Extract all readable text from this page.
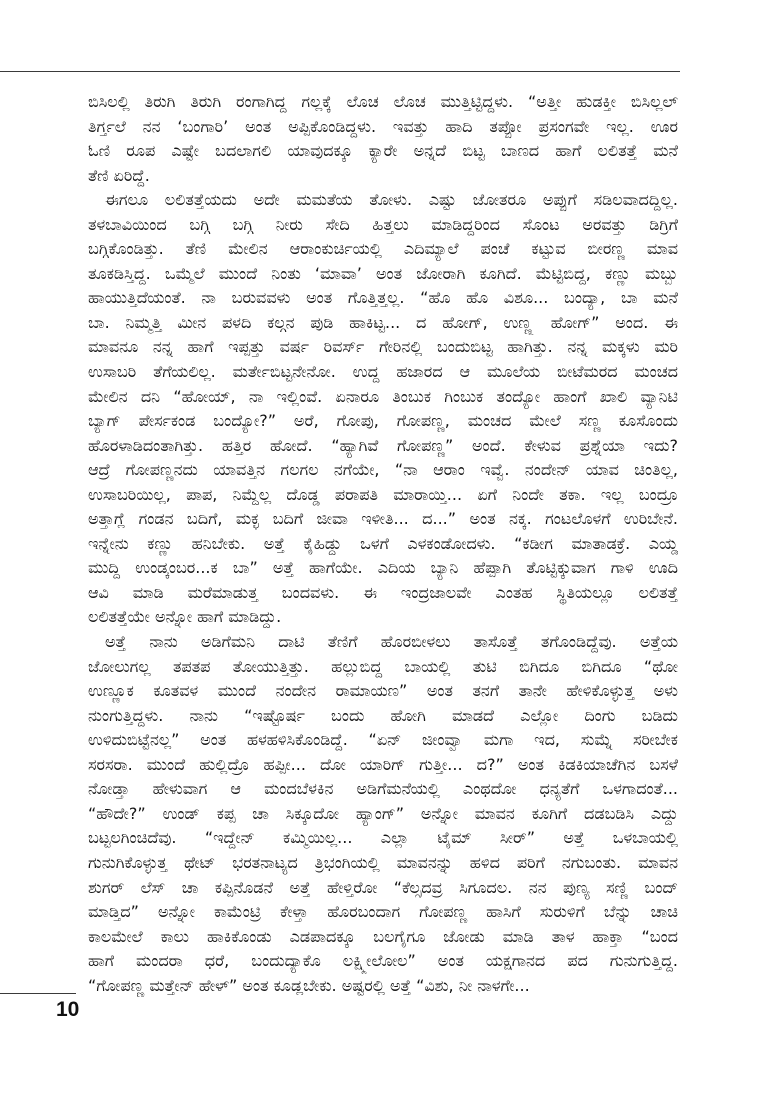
ಬಿಸಿಲಲ್ಲಿ ತಿರುಗಿ ತಿರುಗಿ ರಂಗಾಗಿದ್ದ ಗಲ್ಲಕ್ಕೆ ಲೊಚ ಲೊಚ ಮುತ್ತಿಟ್ಟಿದ್ದಳು. “ಅತ್ತೀ ಹುಡಕ್ತೀ ಬಿಸಿಲ್ಲಲ್
ತಿರ್ಗ್ತಲೆ ನನ ‘ಬಂಗಾರಿ’ ಅಂತ ಅಪ್ಪಿಕೊಂಡಿದ್ದಳು. ಇವತ್ತು ಹಾದಿ ತಪ್ಪೋ ಪ್ರಸಂಗವೇ ಇಲ್ಲ. ಊರ
ಓಣಿ ರೂಪ ಎಷ್ಟೇ ಬದಲಾಗಲಿ ಯಾವುದಕ್ಕೂ ಕ್ಯಾರೇ ಅನ್ನದೆ ಬಿಟ್ಟ ಬಾಣದ ಹಾಗೆ ಲಲಿತತ್ತೆ ಮನೆ
ತೆಣಿ ಏರಿದ್ದೆ.
ಈಗಲೂ ಲಲಿತತ್ತೆಯದು ಅದೇ ಮಮತೆಯ ತೋಳು. ಎಷ್ಟು ಜೋತರೂ ಅಪ್ಪುಗೆ ಸಡಿಲವಾದದ್ದಿಲ್ಲ.
ತಳಬಾವಿಯಿಂದ ಬಗ್ಗಿ ಬಗ್ಗಿ ನೀರು ಸೇದಿ ಹಿತ್ತಲು ಮಾಡಿದ್ದರಿಂದ ಸೊಂಟ ಅರವತ್ತು ಡಿಗ್ರಿಗೆ
ಬಗ್ಗಿಕೊಂಡಿತ್ತು. ತೆಣಿ ಮೇಲಿನ ಆರಾಂಕುರ್ಚಿಯಲ್ಲಿ ಎದಿಮ್ಯಾಲೆ ಪಂಚೆ ಕಟ್ಟುವ ಬೀರಣ್ಣ ಮಾವ
ತೂಕಡಿಸ್ತಿದ್ದ. ಒಮ್ಮೆಲೆ ಮುಂದೆ ನಿಂತು ‘ಮಾವಾ’ ಅಂತ ಜೋರಾಗಿ ಕೂಗಿದೆ. ಮೆಟ್ಟಿಬಿದ್ದ, ಕಣ್ಣು ಮಬ್ಬು
ಹಾಯುತ್ತಿದೆಯಂತೆ. ನಾ ಬರುವವಳು ಅಂತ ಗೊತ್ತಿತ್ತಲ್ಲ. “ಹೊ ಹೊ ವಿಶೂ... ಬಂದ್ಯಾ, ಬಾ ಮನೆ
ಬಾ. ನಿಮ್ಮತ್ತಿ ಮೀನ ಪಳದಿ ಕಲ್ಗನ ಪುಡಿ ಹಾಕಿಟ್ಟ... ದ ಹೋಗ್, ಉಣ್ಣ್ಣ ಹೋಗ್” ಅಂದ. ಈ
ಮಾವನೂ ನನ್ನ ಹಾಗೆ ಇಪ್ಪತ್ತು ವರ್ಷ ರಿವರ್ಸ್ ಗೇರಿನಲ್ಲಿ ಬಂದುಬಿಟ್ಟ ಹಾಗಿತ್ತು. ನನ್ನ ಮಕ್ಕಳು ಮರಿ
ಉಸಾಬರಿ ತೆಗೆಯಲಿಲ್ಲ. ಮರ್ತೇಬಿಟ್ಟನೇನೋ. ಉದ್ದ ಹಜಾರದ ಆ ಮೂಲೆಯ ಬೀಟೆಮರದ ಮಂಚದ
ಮೇಲಿನ ದನಿ “ಹೋಯ್, ನಾ ಇಲ್ಲಿಂವೆ. ಏನಾರೂ ತಿಂಬುಕ ಗಿಂಬುಕ ತಂದ್ಯೋ ಹಾಂಗೆ ಖಾಲಿ ವ್ಯಾನಿಟಿ
ಬ್ಯಾಗ್ ಪೇರ್ಸಕಂಡ ಬಂದ್ಯೋ?” ಅರೆ, ಗೋಪು, ಗೋಪಣ್ಣ, ಮಂಚದ ಮೇಲೆ ಸಣ್ಣ ಕೂಸೊಂದು
ಹೊರಳಾಡಿದಂತಾಗಿತ್ತು. ಹತ್ತಿರ ಹೋದೆ. “ಹ್ಯಾಗಿವೆ ಗೋಪಣ್ಣ” ಅಂದೆ. ಕೇಳುವ ಪ್ರಶ್ನೆಯಾ ಇದು?
ಆದ್ರೆ ಗೋಪಣ್ಣನದು ಯಾವತ್ತಿನ ಗಲಗಲ ನಗೆಯೇ, “ನಾ ಆರಾಂ ಇವ್ವೆ. ನಂದೇನ್ ಯಾವ ಚಿಂತಿಲ್ಲ,
ಉಸಾಬರಿಯಿಲ್ಲ, ಪಾಪ, ನಿಮ್ದೆಲ್ಲ ದೊಡ್ಡ ಪರಾಪತಿ ಮಾರಾಯ್ತಿ... ಏಗೆ ನಿಂದೇ ತಕಾ. ಇಲ್ಲ ಬಂದ್ರೂ
ಅತ್ತಾಗ್ಲೆ ಗಂಡನ ಬದಿಗೆ, ಮಕ್ಳ ಬದಿಗೆ ಜೀವಾ ಇಳೀತಿ... ದ...” ಅಂತ ನಕ್ಕ. ಗಂಟಲೊಳಗೆ ಉರಿಬೇನೆ.
ಇನ್ನೇನು ಕಣ್ಣು ಹನಿಬೇಕು. ಅತ್ತೆ ಕೈಹಿಡ್ದು ಒಳಗೆ ಎಳಕಂಡೋದಳು. “ಕಡೀಗ ಮಾತಾಡಕ್ರೆ. ಎಯ್ಡ
ಮುದ್ದಿ ಉಂಡ್ಕಂಬರ...ಕ ಬಾ” ಅತ್ತೆ ಹಾಗೆಯೇ. ಎದಿಯ ಬ್ಯಾನಿ ಹೆಪ್ಪಾಗಿ ತೊಟ್ಟಿಕ್ಕುವಾಗ ಗಾಳಿ ಊದಿ
ಆವಿ ಮಾಡಿ ಮರೆಮಾಡುತ್ತ ಬಂದವಳು. ಈ ಇಂದ್ರಜಾಲವೇ ಎಂತಹ ಸ್ಥಿತಿಯಲ್ಲೂ ಲಲಿತತ್ತೆ
ಲಲಿತತ್ತೆಯೇ ಅನ್ನೋ ಹಾಗೆ ಮಾಡಿದ್ದು.
ಅತ್ತೆ ನಾನು ಅಡಿಗೆಮನಿ ದಾಟಿ ತೆಣಿಗೆ ಹೊರಬೀಳಲು ತಾಸೊತ್ತೆ ತಗೊಂಡಿದ್ದೆವು. ಅತ್ತೆಯ
ಜೋಲುಗಲ್ಲ ತಪತಪ ತೋಯುತ್ತಿತ್ತು. ಹಲ್ಲುಬಿದ್ದ ಬಾಯಲ್ಲಿ ತುಟಿ ಬಿಗಿದೂ ಬಿಗಿದೂ “ಥೋ
ಉಣ್ಣೂಕ ಕೂತವಳ ಮುಂದೆ ನಂದೇನ ರಾಮಾಯಣ” ಅಂತ ತನಗೆ ತಾನೇ ಹೇಳಿಕೊಳ್ಳುತ್ತ ಅಳು
ನುಂಗುತ್ತಿದ್ದಳು. ನಾನು “ಇಷ್ಟೊರ್ಷ ಬಂದು ಹೋಗಿ ಮಾಡದೆ ಎಲ್ಲೋ ದಿಂಗು ಬಡಿದು
ಉಳಿದುಬಿಟ್ಟೆನಲ್ಲ” ಅಂತ ಹಳಹಳಿಸಿಕೊಂಡಿದ್ದೆ. “ಏನ್ ಜೀಂವ್ವಾ ಮಗಾ ಇದ, ಸುಮ್ನೆ ಸರೀಬೇಕ
ಸರಸರಾ. ಮುಂದೆ ಹುಲ್ಲಿದ್ರೊ ಹಪ್ಪೀ... ದೋ ಯಾರಿಗ್ ಗುತ್ತೀ... ದ?” ಅಂತ ಕಿಡಕಿಯಾಚೆಗಿನ ಬಸಳೆ
ನೋಡ್ತಾ ಹೇಳುವಾಗ ಆ ಮಂದಬೆಳಕಿನ ಅಡಿಗೆಮನೆಯಲ್ಲಿ ಎಂಥದೋ ಧನ್ಯತೆಗೆ ಒಳಗಾದಂತೆ...
“ಹೌದೇ?” ಉಂಡ್ ಕಪ್ಪ ಚಾ ಸಿಕ್ಕೂದೋ ಹ್ಯಾಂಗ್” ಅನ್ನೋ ಮಾವನ ಕೂಗಿಗೆ ದಡಬಡಿಸಿ ಎದ್ದು
ಬಟ್ಟಲಗಿಂಚಿದೆವು. “ಇದ್ದೇನ್ ಕಮ್ಮಿಯಿಲ್ಲ... ಎಲ್ಲಾ ಟೈಮ್ ಸೀರ್” ಅತ್ತೆ ಒಳಬಾಯಲ್ಲಿ
ಗುನುಗಿಕೊಳ್ಳುತ್ತ ಥೇಟ್ ಭರತನಾಟ್ಯದ ತ್ರಿಭಂಗಿಯಲ್ಲಿ ಮಾವನನ್ನು ಹಳಿದ ಪರಿಗೆ ನಗುಬಂತು. ಮಾವನ
ಶುಗರ್ ಲೆಸ್ ಚಾ ಕಪ್ಪಿನೊಡನೆ ಅತ್ತೆ ಹೇಳ್ತಿರೋ “ಕೆಲ್ಸದವ್ರ ಸಿಗೂದಲ. ನನ ಪುಣ್ಯ ಸಣ್ಣಿ ಬಂದ್
ಮಾಡ್ತಿದ” ಅನ್ನೋ ಕಾಮೆಂಟ್ರಿ ಕೇಳ್ತಾ ಹೊರಬಂದಾಗ ಗೋಪಣ್ಣ ಹಾಸಿಗೆ ಸುರುಳಿಗೆ ಬೆನ್ನು ಚಾಚಿ
ಕಾಲಮೇಲೆ ಕಾಲು ಹಾಕಿಕೊಂಡು ಎಡಪಾದಕ್ಕೂ ಬಲಗೈಗೂ ಜೋಡು ಮಾಡಿ ತಾಳ ಹಾಕ್ತಾ “ಬಂದ
ಹಾಗೆ ಮಂದರಾ ಧರೆ, ಬಂದುದ್ಯಾಕೊ ಲಕ್ಷ್ಮೀಲೋಲ” ಅಂತ ಯಕ್ಷಗಾನದ ಪದ ಗುನುಗುತ್ತಿದ್ದ.
“ಗೋಪಣ್ಣ ಮತ್ತೇನ್ ಹೇಳ್” ಅಂತ ಕೂಡ್ಲಬೇಕು. ಅಷ್ಟರಲ್ಲಿ ಅತ್ತೆ “ವಿಶು, ನೀ ನಾಳಗೇ...
10
